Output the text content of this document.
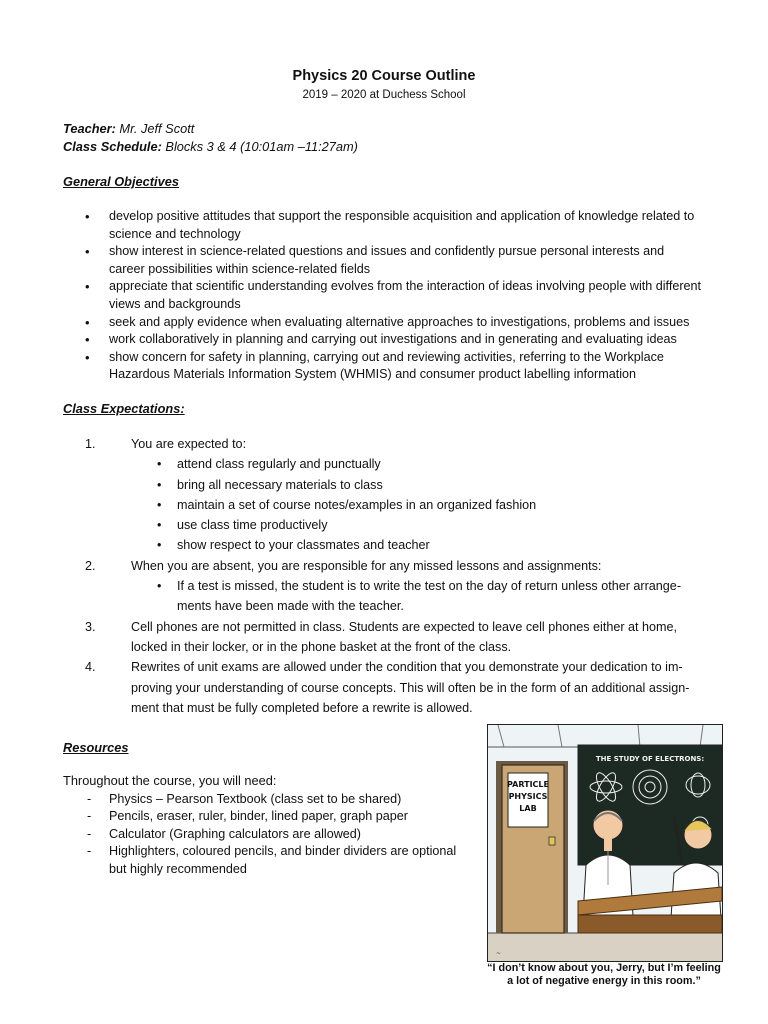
Physics 20 Course Outline
2019 – 2020 at Duchess School
Teacher: Mr. Jeff Scott
Class Schedule: Blocks 3 & 4 (10:01am –11:27am)
General Objectives
• develop positive attitudes that support the responsible acquisition and application of knowledge related to science and technology
• show interest in science-related questions and issues and confidently pursue personal interests and career possibilities within science-related fields
• appreciate that scientific understanding evolves from the interaction of ideas involving people with different views and backgrounds
• seek and apply evidence when evaluating alternative approaches to investigations, problems and issues
• work collaboratively in planning and carrying out investigations and in generating and evaluating ideas
• show concern for safety in planning, carrying out and reviewing activities, referring to the Workplace Hazardous Materials Information System (WHMIS) and consumer product labelling information
Class Expectations:
1.	You are expected to:
• attend class regularly and punctually
• bring all necessary materials to class
• maintain a set of course notes/examples in an organized fashion
• use class time productively
• show respect to your classmates and teacher
2.	When you are absent, you are responsible for any missed lessons and assignments:
• If a test is missed, the student is to write the test on the day of return unless other arrange-ments have been made with the teacher.
3.	Cell phones are not permitted in class. Students are expected to leave cell phones either at home, locked in their locker, or in the phone basket at the front of the class.
4.	Rewrites of unit exams are allowed under the condition that you demonstrate your dedication to im-proving your understanding of course concepts. This will often be in the form of an additional assign-ment that must be fully completed before a rewrite is allowed.
Resources
Throughout the course, you will need:
- Physics – Pearson Textbook (class set to be shared)
- Pencils, eraser, ruler, binder, lined paper, graph paper
- Calculator (Graphing calculators are allowed)
- Highlighters, coloured pencils, and binder dividers are optional but highly recommended
PARTICLE
PHYSICS
LAB
THE STUDY OF ELECTRONS:
~
“I don’t know about you, Jerry, but I’m feeling
a lot of negative energy in this room.”
